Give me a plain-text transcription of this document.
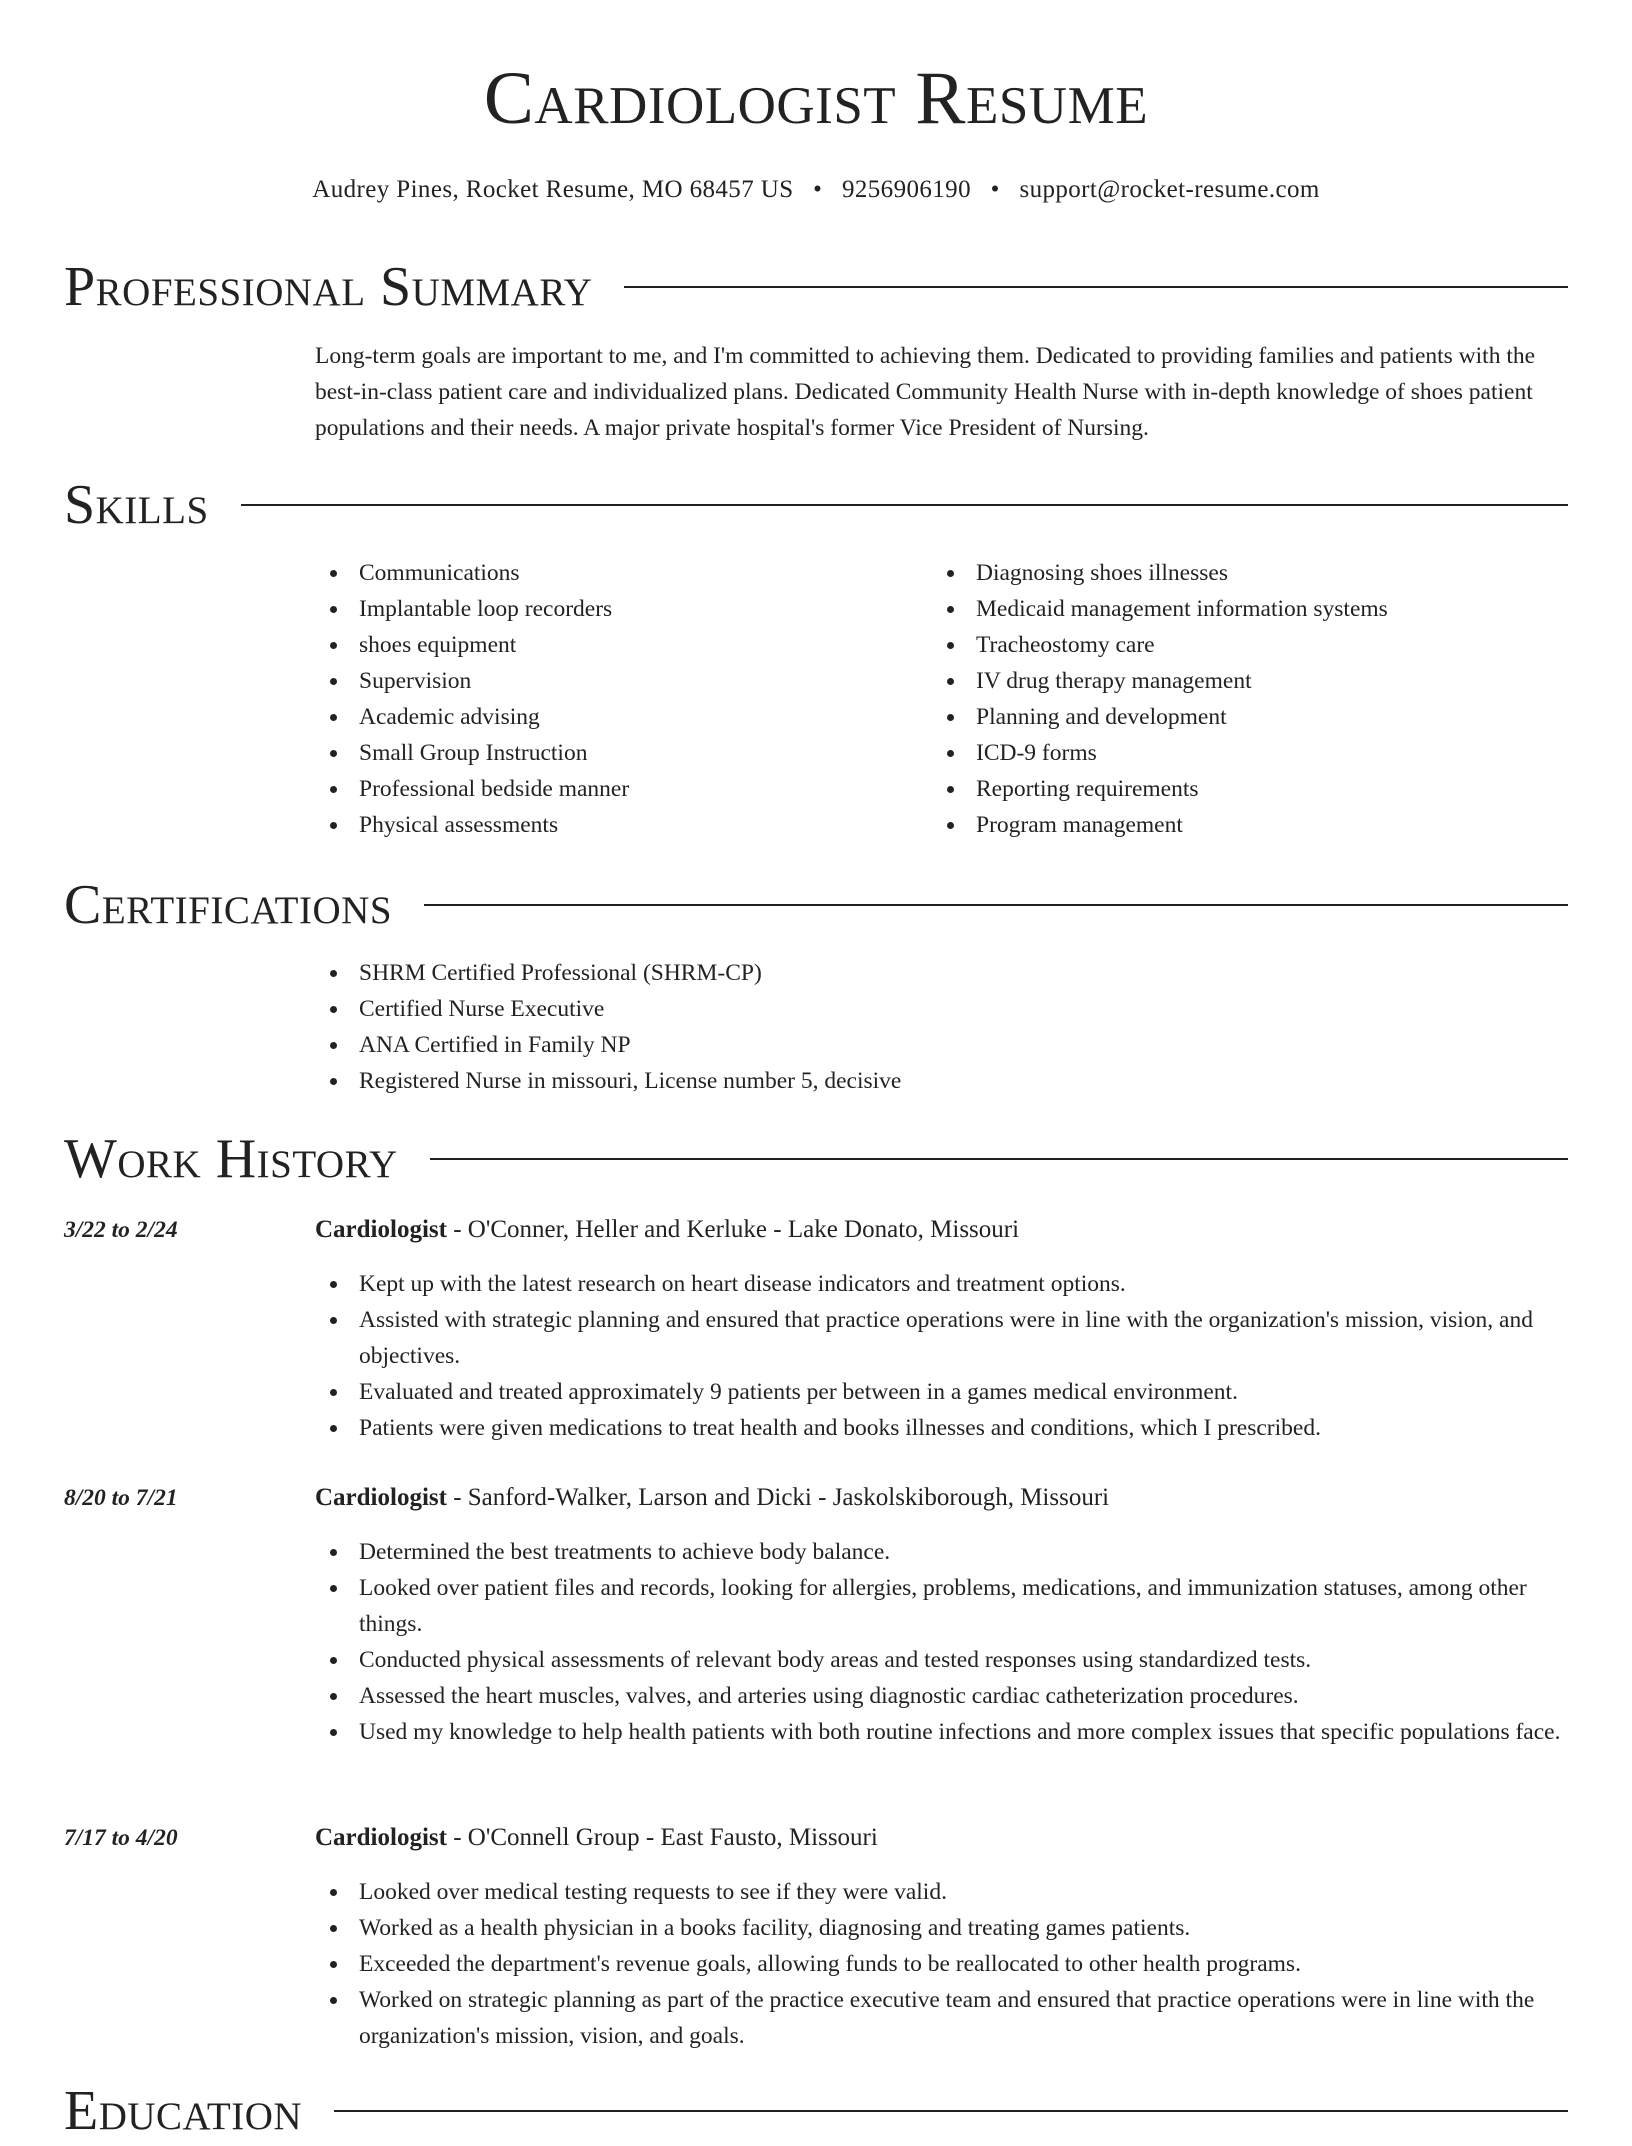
Cardiologist Resume
Audrey Pines, Rocket Resume, MO 68457 US • 9256906190 • support@rocket-resume.com
Professional Summary
Long-term goals are important to me, and I'm committed to achieving them. Dedicated to providing families and patients with the best-in-class patient care and individualized plans. Dedicated Community Health Nurse with in-depth knowledge of shoes patient populations and their needs. A major private hospital's former Vice President of Nursing.
Skills
Communications
Implantable loop recorders
shoes equipment
Supervision
Academic advising
Small Group Instruction
Professional bedside manner
Physical assessments
Diagnosing shoes illnesses
Medicaid management information systems
Tracheostomy care
IV drug therapy management
Planning and development
ICD-9 forms
Reporting requirements
Program management
Certifications
SHRM Certified Professional (SHRM-CP)
Certified Nurse Executive
ANA Certified in Family NP
Registered Nurse in missouri, License number 5, decisive
Work History
3/22 to 2/24	Cardiologist - O'Conner, Heller and Kerluke - Lake Donato, Missouri
Kept up with the latest research on heart disease indicators and treatment options.
Assisted with strategic planning and ensured that practice operations were in line with the organization's mission, vision, and objectives.
Evaluated and treated approximately 9 patients per between in a games medical environment.
Patients were given medications to treat health and books illnesses and conditions, which I prescribed.
8/20 to 7/21	Cardiologist - Sanford-Walker, Larson and Dicki - Jaskolskiborough, Missouri
Determined the best treatments to achieve body balance.
Looked over patient files and records, looking for allergies, problems, medications, and immunization statuses, among other things.
Conducted physical assessments of relevant body areas and tested responses using standardized tests.
Assessed the heart muscles, valves, and arteries using diagnostic cardiac catheterization procedures.
Used my knowledge to help health patients with both routine infections and more complex issues that specific populations face.
7/17 to 4/20	Cardiologist - O'Connell Group - East Fausto, Missouri
Looked over medical testing requests to see if they were valid.
Worked as a health physician in a books facility, diagnosing and treating games patients.
Exceeded the department's revenue goals, allowing funds to be reallocated to other health programs.
Worked on strategic planning as part of the practice executive team and ensured that practice operations were in line with the organization's mission, vision, and goals.
Education
